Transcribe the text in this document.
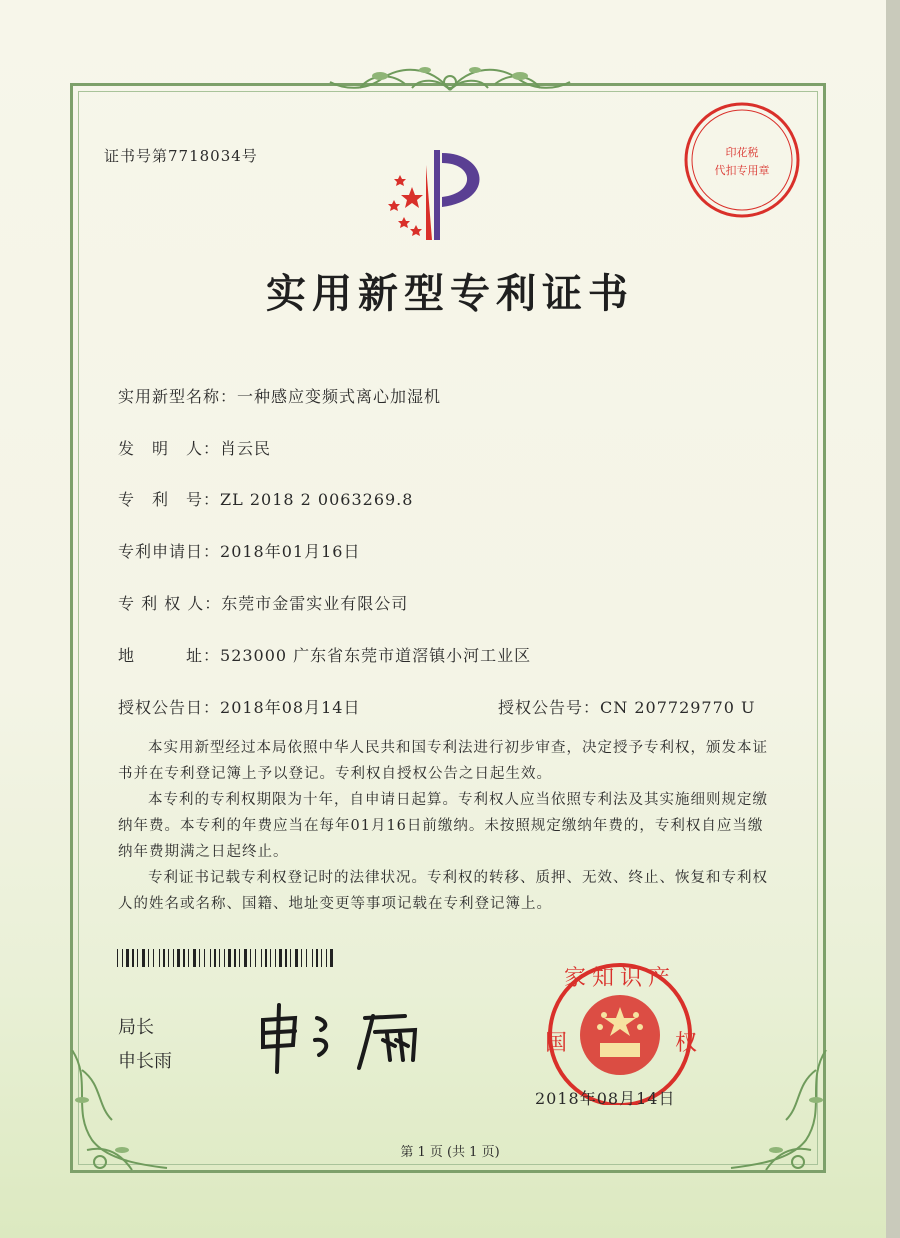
证书号第7718034号	印花税
代扣专用章
实用新型专利证书
实用新型名称：一种感应变频式离心加湿机
发　明　人：肖云民
专　利　号：ZL 2018 2 0063269.8
专利申请日：2018年01月16日
专 利 权 人：东莞市金雷实业有限公司
地　　　址：523000 广东省东莞市道滘镇小河工业区
授权公告日：2018年08月14日	授权公告号：CN 207729770 U
本实用新型经过本局依照中华人民共和国专利法进行初步审查，决定授予专利权，颁发本证书并在专利登记簿上予以登记。专利权自授权公告之日起生效。
本专利的专利权期限为十年，自申请日起算。专利权人应当依照专利法及其实施细则规定缴纳年费。本专利的年费应当在每年01月16日前缴纳。未按照规定缴纳年费的，专利权自应当缴纳年费期满之日起终止。
专利证书记载专利权登记时的法律状况。专利权的转移、质押、无效、终止、恢复和专利权人的姓名或名称、国籍、地址变更等事项记载在专利登记簿上。
局长
申长雨
家知识产
国	权
2018年08月14日
第 1 页 (共 1 页)
